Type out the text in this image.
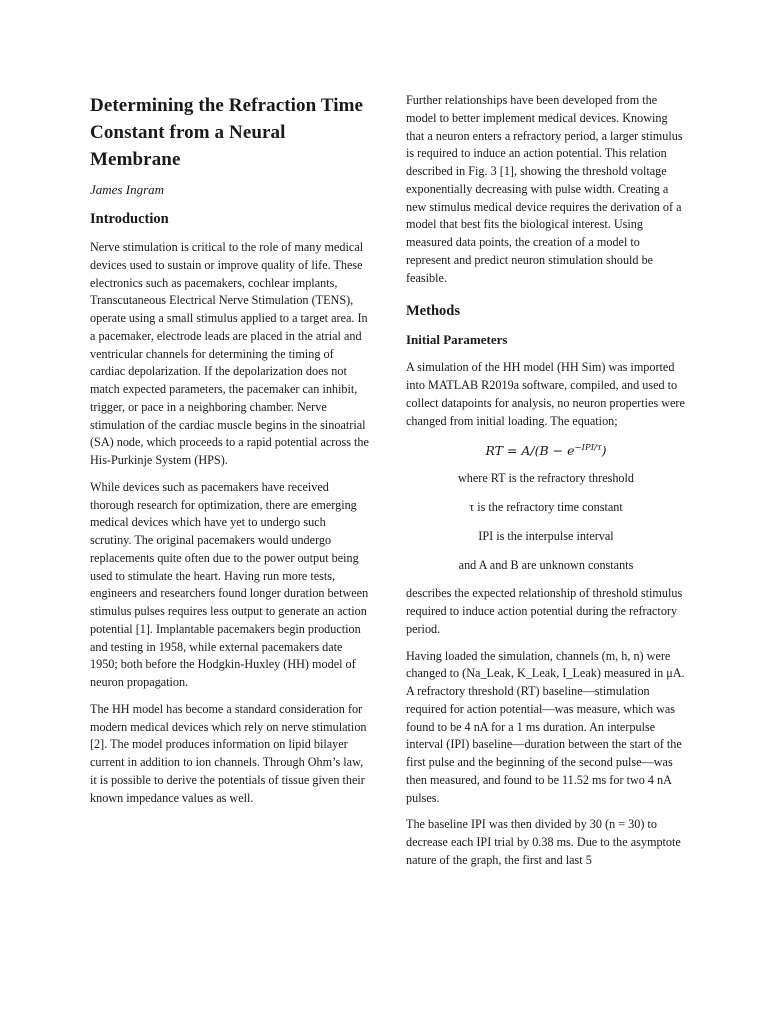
Determining the Refraction Time Constant from a Neural Membrane
James Ingram
Introduction

Nerve stimulation is critical to the role of many medical devices used to sustain or improve quality of life. These electronics such as pacemakers, cochlear implants, Transcutaneous Electrical Nerve Stimulation (TENS), operate using a small stimulus applied to a target area. In a pacemaker, electrode leads are placed in the atrial and ventricular channels for determining the timing of cardiac depolarization. If the depolarization does not match expected parameters, the pacemaker can inhibit, trigger, or pace in a neighboring chamber. Nerve stimulation of the cardiac muscle begins in the sinoatrial (SA) node, which proceeds to a rapid potential across the His-Purkinje System (HPS).

While devices such as pacemakers have received thorough research for optimization, there are emerging medical devices which have yet to undergo such scrutiny. The original pacemakers would undergo replacements quite often due to the power output being used to stimulate the heart. Having run more tests, engineers and researchers found longer duration between stimulus pulses requires less output to generate an action potential [1]. Implantable pacemakers begin production and testing in 1958, while external pacemakers date 1950; both before the Hodgkin-Huxley (HH) model of neuron propagation.

The HH model has become a standard consideration for modern medical devices which rely on nerve stimulation [2]. The model produces information on lipid bilayer current in addition to ion channels. Through Ohm’s law, it is possible to derive the potentials of tissue given their known impedance values as well.

Further relationships have been developed from the model to better implement medical devices. Knowing that a neuron enters a refractory period, a larger stimulus is required to induce an action potential. This relation described in Fig. 3 [1], showing the threshold voltage exponentially decreasing with pulse width. Creating a new stimulus medical device requires the derivation of a model that best fits the biological interest. Using measured data points, the creation of a model to represent and predict neuron stimulation should be feasible.

Methods
Initial Parameters

A simulation of the HH model (HH Sim) was imported into MATLAB R2019a software, compiled, and used to collect datapoints for analysis, no neuron properties were changed from initial loading. The equation;

RT = $A/(B - e^{-IPI/\tau})$
where RT is the refractory threshold
τ is the refractory time constant
IPI is the interpulse interval
and A and B are unknown constants

describes the expected relationship of threshold stimulus required to induce action potential during the refractory period.

Having loaded the simulation, channels (m, h, n) were changed to (Na_Leak, K_Leak, I_Leak) measured in μA. A refractory threshold (RT) baseline—stimulation required for action potential—was measure, which was found to be 4 nA for a 1 ms duration. An interpulse interval (IPI) baseline—duration between the start of the first pulse and the beginning of the second pulse—was then measured, and found to be 11.52 ms for two 4 nA pulses.

The baseline IPI was then divided by 30 (n = 30) to decrease each IPI trial by 0.38 ms. Due to the asymptote nature of the graph, the first and last 5
